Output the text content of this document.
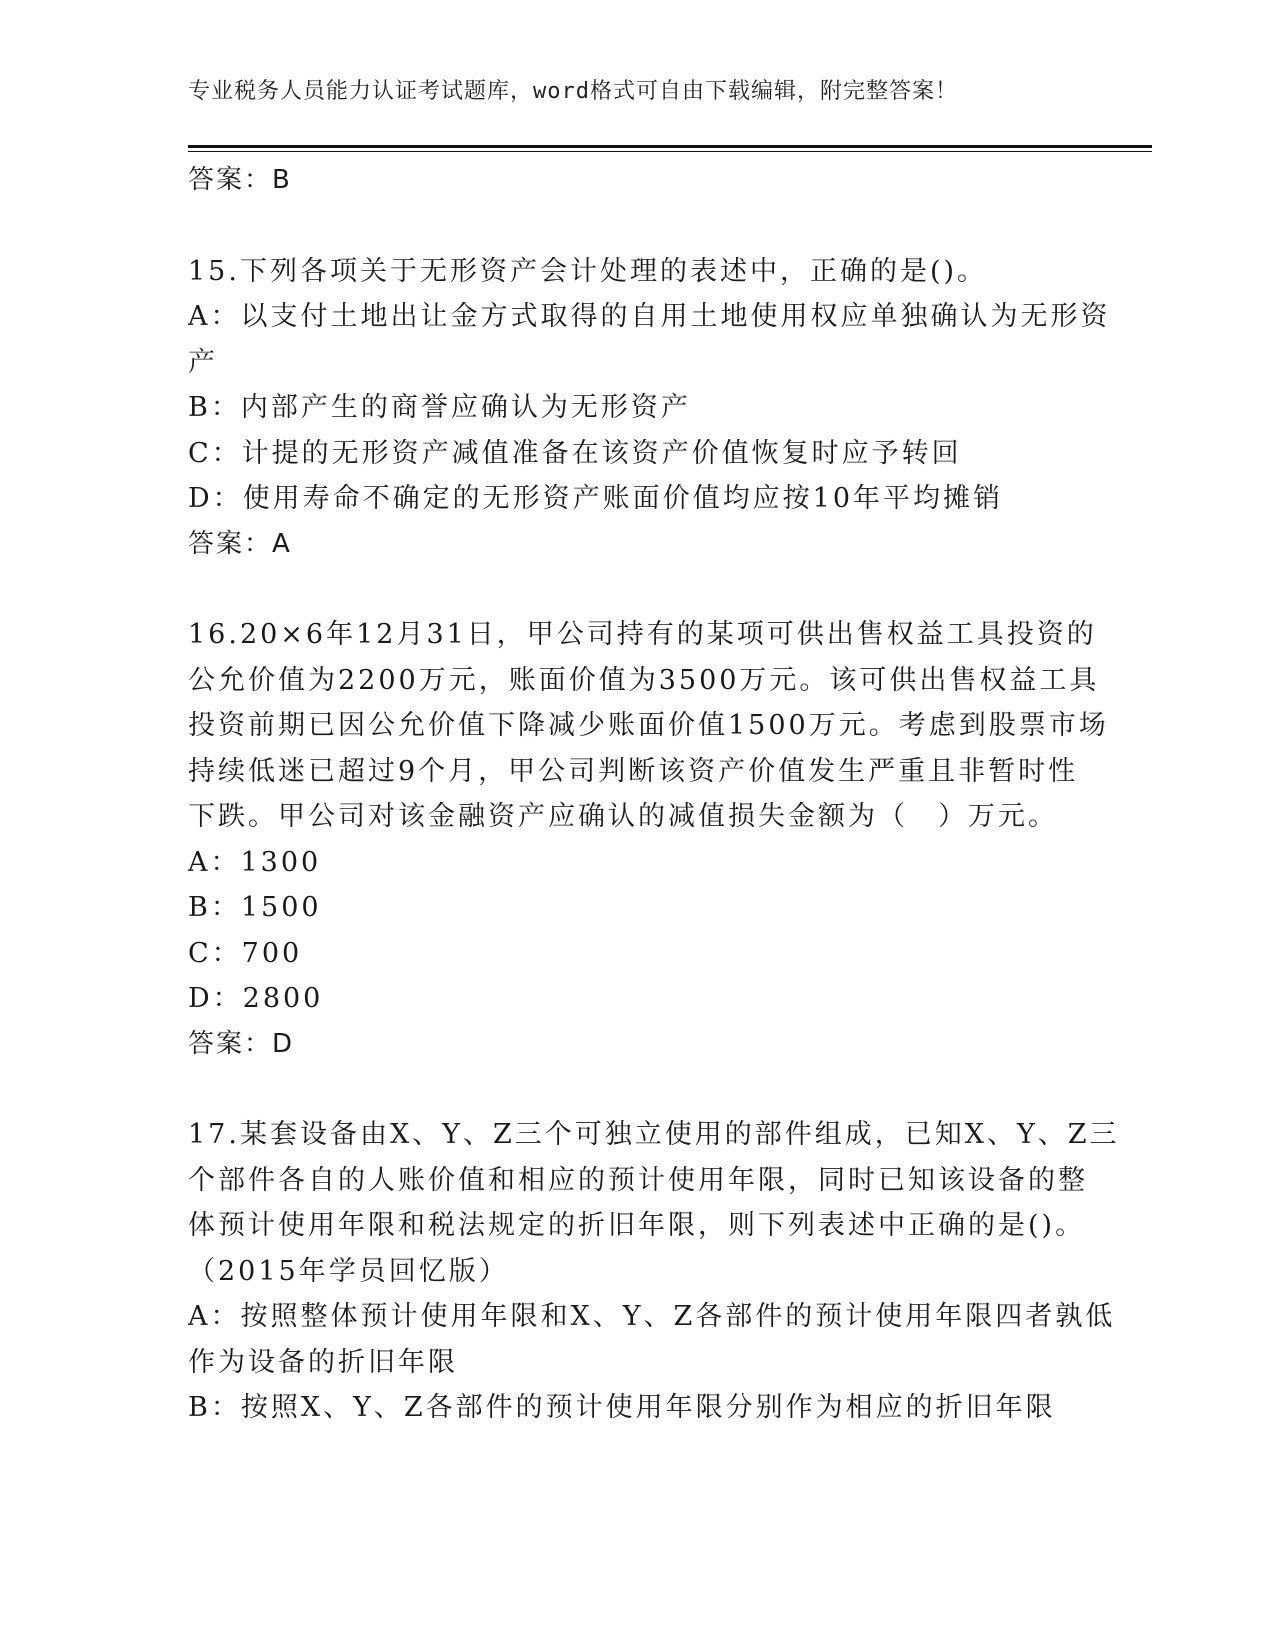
专业税务人员能力认证考试题库，word格式可自由下载编辑，附完整答案！
答案：B
15.下列各项关于无形资产会计处理的表述中，正确的是()。
A：以支付土地出让金方式取得的自用土地使用权应单独确认为无形资
产
B：内部产生的商誉应确认为无形资产
C：计提的无形资产减值准备在该资产价值恢复时应予转回
D：使用寿命不确定的无形资产账面价值均应按10年平均摊销
答案：A
16.20×6年12月31日，甲公司持有的某项可供出售权益工具投资的
公允价值为2200万元，账面价值为3500万元。该可供出售权益工具
投资前期已因公允价值下降减少账面价值1500万元。考虑到股票市场
持续低迷已超过9个月，甲公司判断该资产价值发生严重且非暂时性
下跌。甲公司对该金融资产应确认的减值损失金额为（　）万元。
A：1300
B：1500
C：700
D：2800
答案：D
17.某套设备由X、Y、Z三个可独立使用的部件组成，已知X、Y、Z三
个部件各自的人账价值和相应的预计使用年限，同时已知该设备的整
体预计使用年限和税法规定的折旧年限，则下列表述中正确的是()。
（2015年学员回忆版）
A：按照整体预计使用年限和X、Y、Z各部件的预计使用年限四者孰低
作为设备的折旧年限
B：按照X、Y、Z各部件的预计使用年限分别作为相应的折旧年限
